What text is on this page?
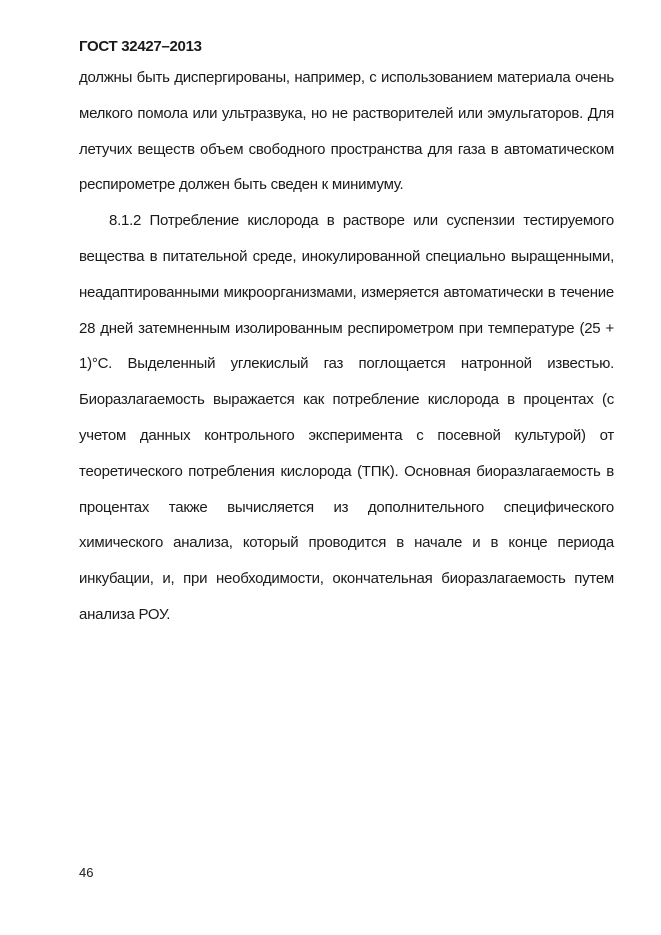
ГОСТ 32427–2013

должны быть диспергированы, например, с использованием материала очень мелкого помола или ультразвука, но не растворителей или эмульгаторов. Для летучих веществ объем свободного пространства для газа в автоматическом респирометре должен быть сведен к минимуму.

8.1.2 Потребление кислорода в растворе или суспензии тестируемого вещества в питательной среде, инокулированной специально выращенными, неадаптированными микроорганизмами, измеряется автоматически в течение 28 дней затемненным изолированным респирометром при температуре (25 + 1)°С. Выделенный углекислый газ поглощается натронной известью. Биоразлагаемость выражается как потребление кислорода в процентах (с учетом данных контрольного эксперимента с посевной культурой) от теоретического потребления кислорода (ТПК). Основная биоразлагаемость в процентах также вычисляется из дополнительного специфического химического анализа, который проводится в начале и в конце периода инкубации, и, при необходимости, окончательная биоразлагаемость путем анализа РОУ.

46
